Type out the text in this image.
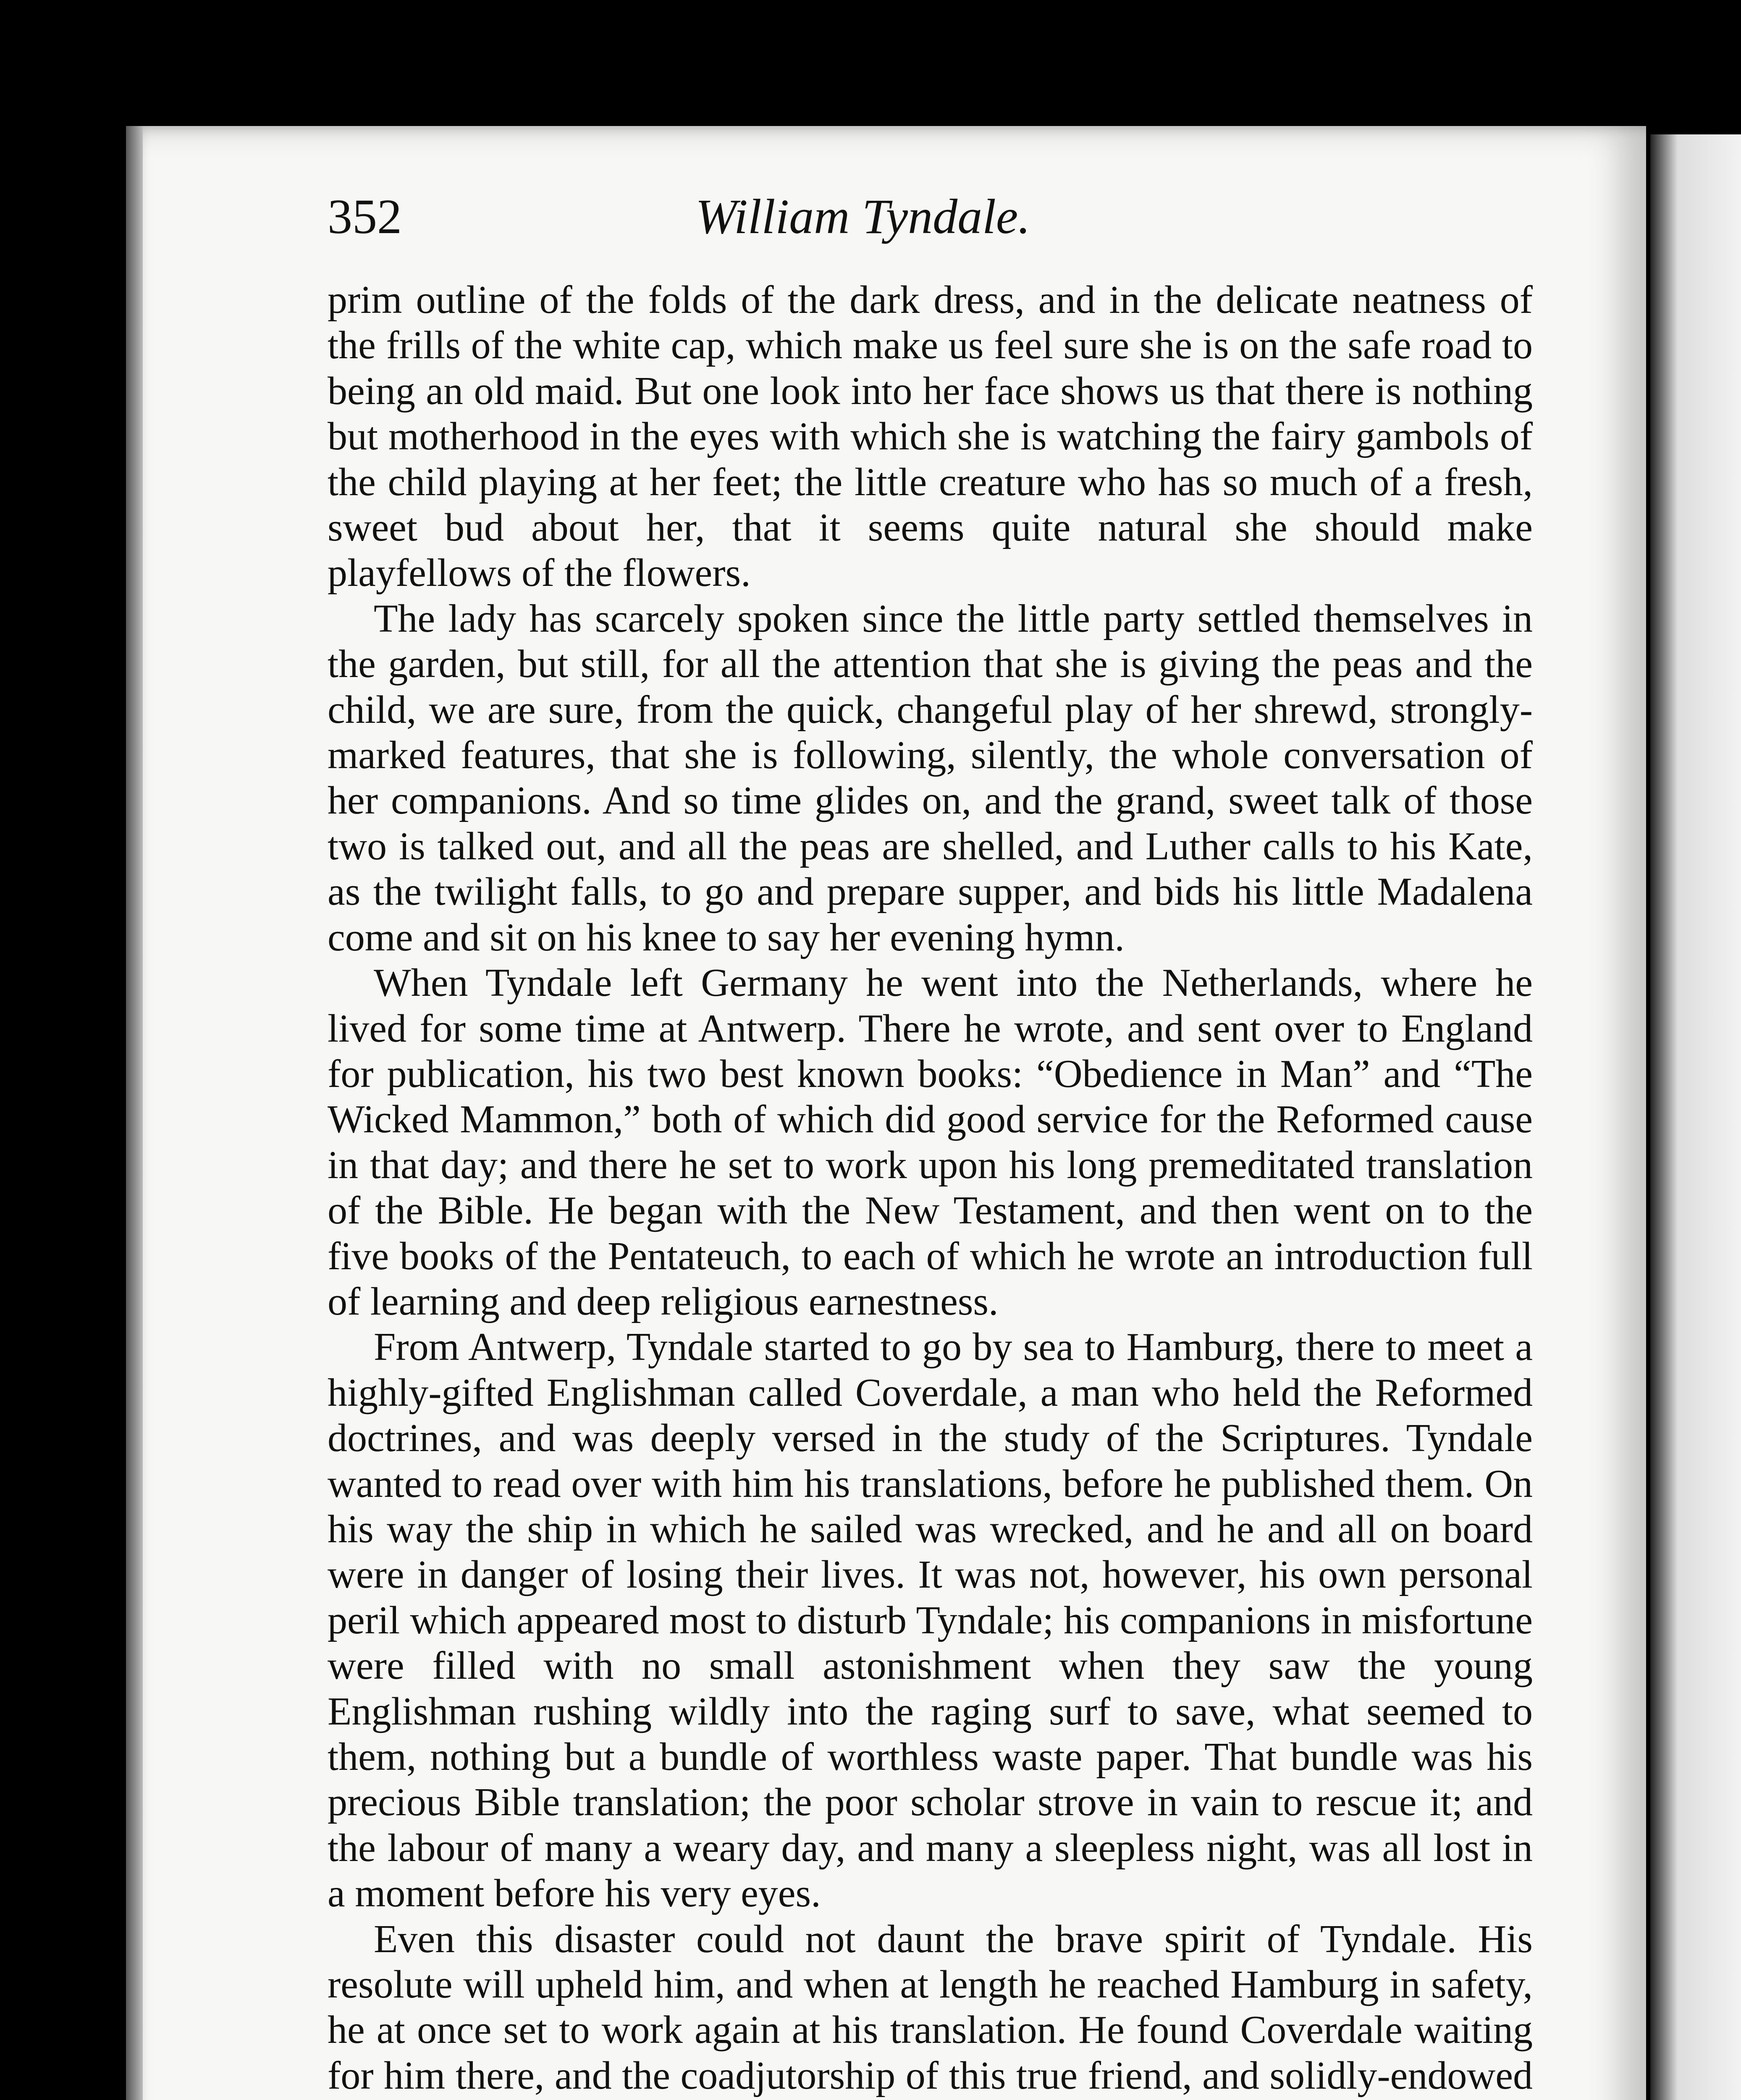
William Tyndale.
352

prim outline of the folds of the dark dress, and in the delicate neatness of the frills of the white cap, which make us feel sure she is on the safe road to being an old maid. But one look into her face shows us that there is nothing but motherhood in the eyes with which she is watching the fairy gambols of the child playing at her feet; the little creature who has so much of a fresh, sweet bud about her, that it seems quite natural she should make playfellows of the flowers.

The lady has scarcely spoken since the little party settled themselves in the garden, but still, for all the attention that she is giving the peas and the child, we are sure, from the quick, changeful play of her shrewd, strongly-marked features, that she is following, silently, the whole conversation of her companions. And so time glides on, and the grand, sweet talk of those two is talked out, and all the peas are shelled, and Luther calls to his Kate, as the twilight falls, to go and prepare supper, and bids his little Madalena come and sit on his knee to say her evening hymn.

When Tyndale left Germany he went into the Netherlands, where he lived for some time at Antwerp. There he wrote, and sent over to England for publication, his two best known books: “Obedience in Man” and “The Wicked Mammon,” both of which did good service for the Reformed cause in that day; and there he set to work upon his long premeditated translation of the Bible. He began with the New Testament, and then went on to the five books of the Pentateuch, to each of which he wrote an introduction full of learning and deep religious earnestness.

From Antwerp, Tyndale started to go by sea to Hamburg, there to meet a highly-gifted Englishman called Coverdale, a man who held the Reformed doctrines, and was deeply versed in the study of the Scriptures. Tyndale wanted to read over with him his translations, before he published them. On his way the ship in which he sailed was wrecked, and he and all on board were in danger of losing their lives. It was not, however, his own personal peril which appeared most to disturb Tyndale; his companions in misfortune were filled with no small astonishment when they saw the young Englishman rushing wildly into the raging surf to save, what seemed to them, nothing but a bundle of worthless waste paper. That bundle was his precious Bible translation; the poor scholar strove in vain to rescue it; and the labour of many a weary day, and many a sleepless night, was all lost in a moment before his very eyes.

Even this disaster could not daunt the brave spirit of Tyndale. His resolute will upheld him, and when at length he reached Hamburg in safety, he at once set to work again at his translation. He found Coverdale waiting for him there, and the coadjutorship of this true friend, and solidly-endowed
